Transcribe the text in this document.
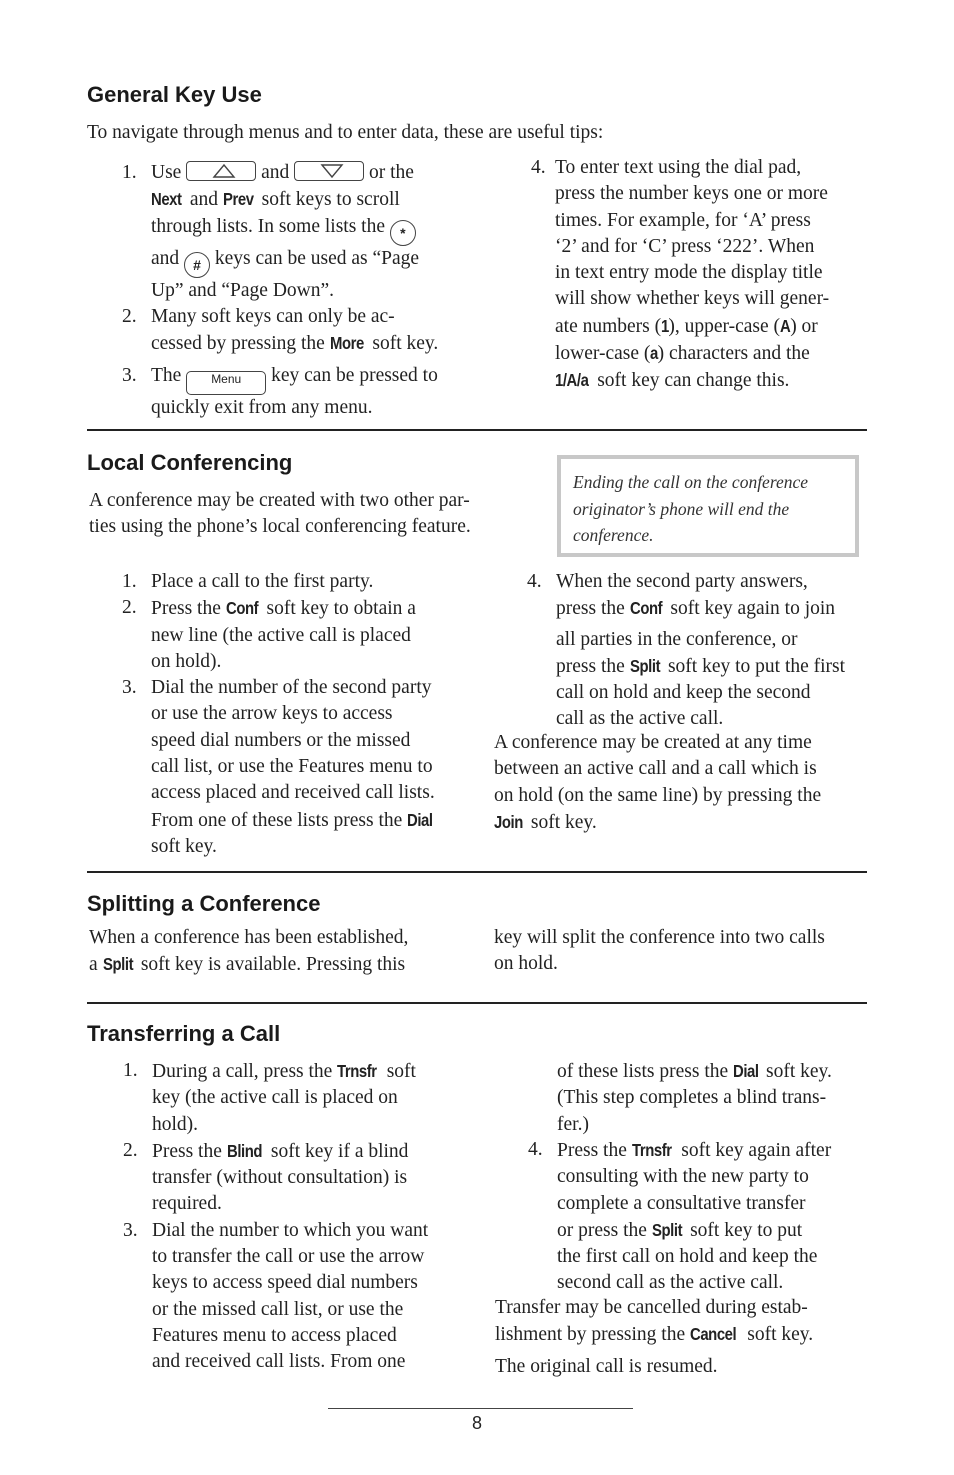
General Key Use

To navigate through menus and to enter data, these are useful tips:

1. Use	and	or the
Next and Prev soft keys to scroll
through lists. In some lists the *
and # keys can be used as “Page
Up” and “Page Down”.
2. Many soft keys can only be ac-
cessed by pressing the More soft key.
3. The Menu key can be pressed to
quickly exit from any menu.
4. To enter text using the dial pad,
press the number keys one or more
times. For example, for ‘A’ press
‘2’ and for ‘C’ press ‘222’. When
in text entry mode the display title
will show whether keys will gener-
ate numbers (1), upper-case (A) or
lower-case (a) characters and the
1/A/a soft key can change this.
Local Conferencing

A conference may be created with two other par-
ties using the phone’s local conferencing feature.

Ending the call on the conference originator’s phone will end the conference.
1. Place a call to the first party.
2. Press the Conf soft key to obtain a
new line (the active call is placed
on hold).
3. Dial the number of the second party
or use the arrow keys to access
speed dial numbers or the missed
call list, or use the Features menu to
access placed and received call lists.
From one of these lists press the Dial
soft key.
4. When the second party answers,
press the Conf soft key again to join
all parties in the conference, or
press the Split soft key to put the first
call on hold and keep the second
call as the active call.

A conference may be created at any time
between an active call and a call which is
on hold (on the same line) by pressing the
Join soft key.

Splitting a Conference

When a conference has been established,
a Split soft key is available. Pressing this

key will split the conference into two calls
on hold.

Transferring a Call
1. During a call, press the Trnsfr soft
key (the active call is placed on
hold).
2. Press the Blind soft key if a blind
transfer (without consultation) is
required.
3. Dial the number to which you want
to transfer the call or use the arrow
keys to access speed dial numbers
or the missed call list, or use the
Features menu to access placed
and received call lists. From one

of these lists press the Dial soft key.
(This step completes a blind trans-
fer.)

4. Press the Trnsfr soft key again after
consulting with the new party to
complete a consultative transfer
or press the Split soft key to put
the first call on hold and keep the
second call as the active call.

Transfer may be cancelled during estab-
lishment by pressing the Cancel soft key.
The original call is resumed.

8
